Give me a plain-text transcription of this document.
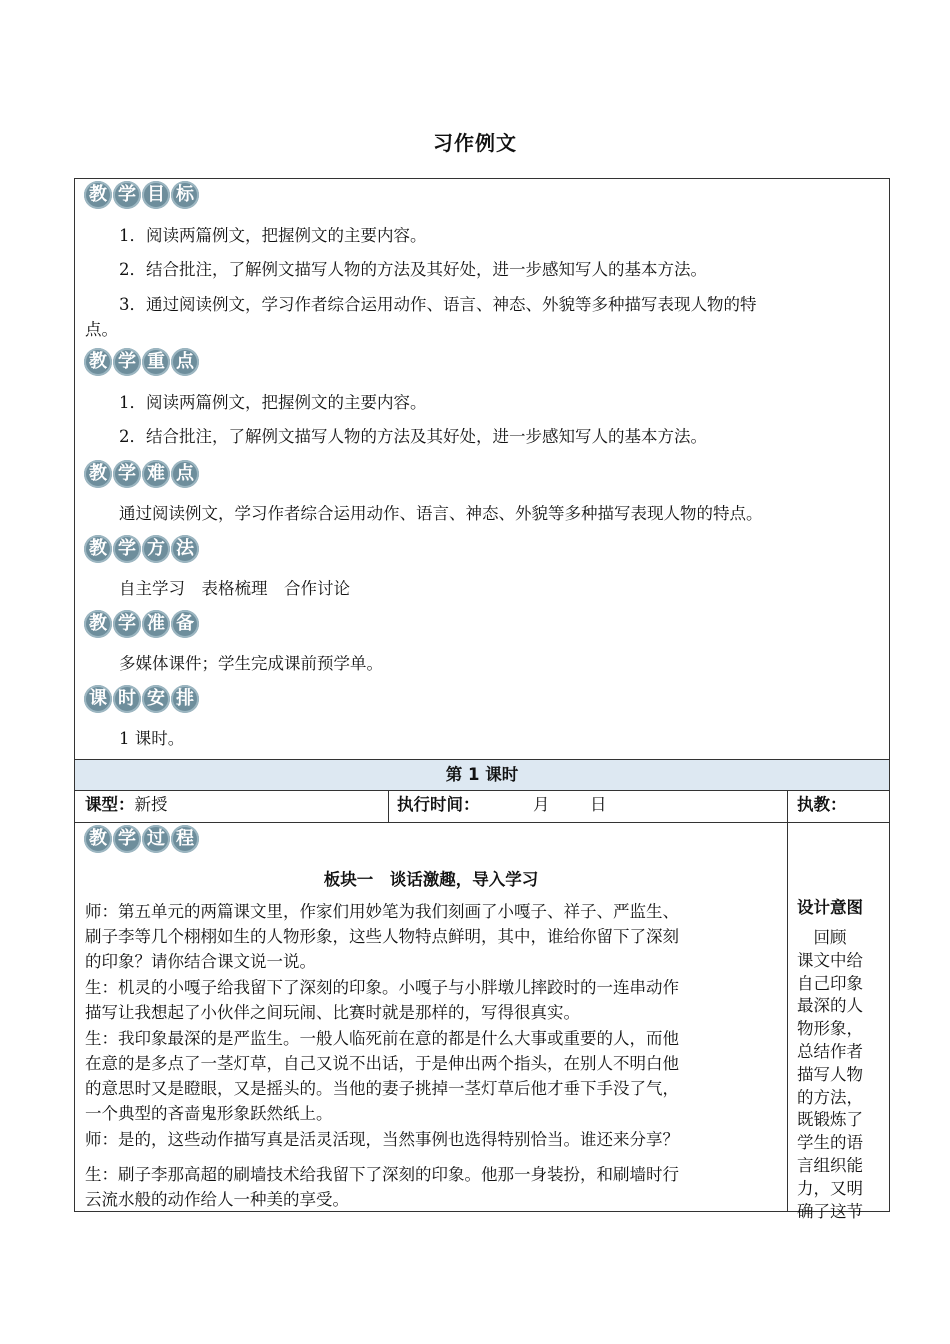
习作例文
教 学 目 标
1．阅读两篇例文，把握例文的主要内容。
2．结合批注，了解例文描写人物的方法及其好处，进一步感知写人的基本方法。
3．通过阅读例文，学习作者综合运用动作、语言、神态、外貌等多种描写表现人物的特
点。
教 学 重 点
1．阅读两篇例文，把握例文的主要内容。
2．结合批注，了解例文描写人物的方法及其好处，进一步感知写人的基本方法。
教 学 难 点
通过阅读例文，学习作者综合运用动作、语言、神态、外貌等多种描写表现人物的特点。
教 学 方 法
自主学习　表格梳理　合作讨论
教 学 准 备
多媒体课件；学生完成课前预学单。
课 时 安 排
1 课时。
第 1 课时
课型：新授	执行时间：	月 日	执教：
教 学 过 程
板块一　谈话激趣，导入学习
师：第五单元的两篇课文里，作家们用妙笔为我们刻画了小嘎子、祥子、严监生、
刷子李等几个栩栩如生的人物形象，这些人物特点鲜明，其中，谁给你留下了深刻
的印象？请你结合课文说一说。
生：机灵的小嘎子给我留下了深刻的印象。小嘎子与小胖墩儿摔跤时的一连串动作
描写让我想起了小伙伴之间玩闹、比赛时就是那样的，写得很真实。
生：我印象最深的是严监生。一般人临死前在意的都是什么大事或重要的人，而他
在意的是多点了一茎灯草，自己又说不出话，于是伸出两个指头，在别人不明白他
的意思时又是瞪眼，又是摇头的。当他的妻子挑掉一茎灯草后他才垂下手没了气，
一个典型的吝啬鬼形象跃然纸上。
师：是的，这些动作描写真是活灵活现，当然事例也选得特别恰当。谁还来分享？
生：刷子李那高超的刷墙技术给我留下了深刻的印象。他那一身装扮，和刷墙时行
云流水般的动作给人一种美的享受。
设计意图
　回顾
课文中给
自己印象
最深的人
物形象，
总结作者
描写人物
的方法，
既锻炼了
学生的语
言组织能
力，又明
确了这节
